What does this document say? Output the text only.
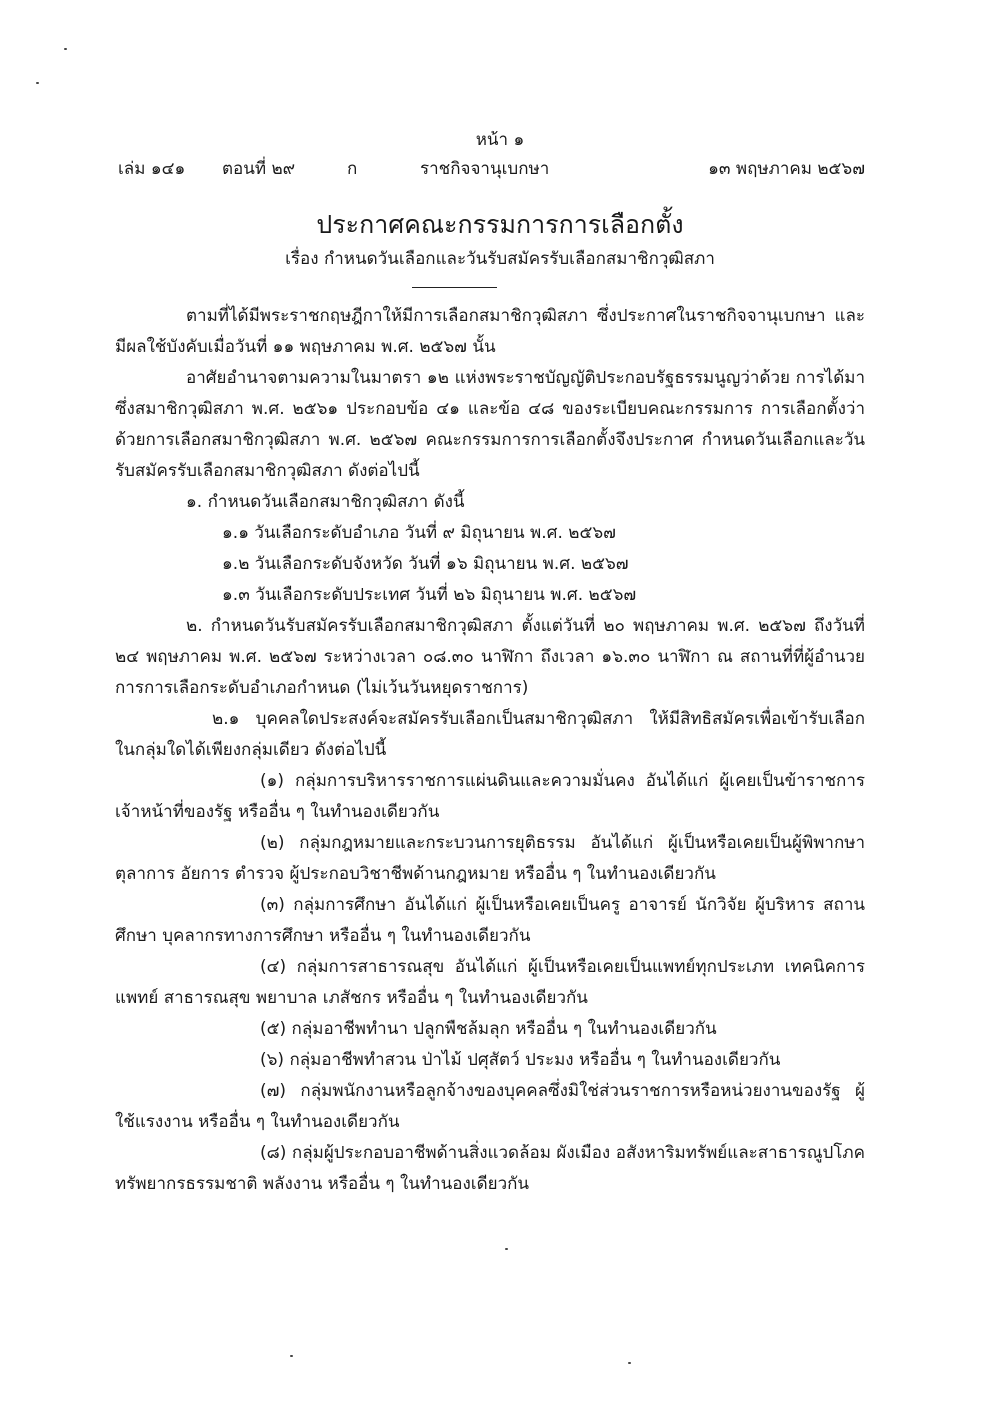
หน้า ๑
เล่ม ๑๔๑ ตอนที่ ๒๙	ก	ราชกิจจานุเบกษา	๑๓ พฤษภาคม ๒๕๖๗
ประกาศคณะกรรมการการเลือกตั้ง
เรื่อง กำหนดวันเลือกและวันรับสมัครรับเลือกสมาชิกวุฒิสภา

ตามที่ได้มีพระราชกฤษฎีกาให้มีการเลือกสมาชิกวุฒิสภา ซึ่งประกาศในราชกิจจานุเบกษา และมีผลใช้บังคับเมื่อวันที่ ๑๑ พฤษภาคม พ.ศ. ๒๕๖๗ นั้น

อาศัยอำนาจตามความในมาตรา ๑๒ แห่งพระราชบัญญัติประกอบรัฐธรรมนูญว่าด้วย การได้มาซึ่งสมาชิกวุฒิสภา พ.ศ. ๒๕๖๑ ประกอบข้อ ๔๑ และข้อ ๔๘ ของระเบียบคณะกรรมการ การเลือกตั้งว่าด้วยการเลือกสมาชิกวุฒิสภา พ.ศ. ๒๕๖๗ คณะกรรมการการเลือกตั้งจึงประกาศ กำหนดวันเลือกและวันรับสมัครรับเลือกสมาชิกวุฒิสภา ดังต่อไปนี้

๑. กำหนดวันเลือกสมาชิกวุฒิสภา ดังนี้

๑.๑ วันเลือกระดับอำเภอ วันที่ ๙ มิถุนายน พ.ศ. ๒๕๖๗

๑.๒ วันเลือกระดับจังหวัด วันที่ ๑๖ มิถุนายน พ.ศ. ๒๕๖๗

๑.๓ วันเลือกระดับประเทศ วันที่ ๒๖ มิถุนายน พ.ศ. ๒๕๖๗

๒. กำหนดวันรับสมัครรับเลือกสมาชิกวุฒิสภา ตั้งแต่วันที่ ๒๐ พฤษภาคม พ.ศ. ๒๕๖๗ ถึงวันที่ ๒๔ พฤษภาคม พ.ศ. ๒๕๖๗ ระหว่างเวลา ๐๘.๓๐ นาฬิกา ถึงเวลา ๑๖.๓๐ นาฬิกา ณ สถานที่ที่ผู้อำนวยการการเลือกระดับอำเภอกำหนด (ไม่เว้นวันหยุดราชการ)

๒.๑ บุคคลใดประสงค์จะสมัครรับเลือกเป็นสมาชิกวุฒิสภา ให้มีสิทธิสมัครเพื่อเข้ารับเลือก ในกลุ่มใดได้เพียงกลุ่มเดียว ดังต่อไปนี้

(๑) กลุ่มการบริหารราชการแผ่นดินและความมั่นคง อันได้แก่ ผู้เคยเป็นข้าราชการ เจ้าหน้าที่ของรัฐ หรืออื่น ๆ ในทำนองเดียวกัน

(๒) กลุ่มกฎหมายและกระบวนการยุติธรรม อันได้แก่ ผู้เป็นหรือเคยเป็นผู้พิพากษา ตุลาการ อัยการ ตำรวจ ผู้ประกอบวิชาชีพด้านกฎหมาย หรืออื่น ๆ ในทำนองเดียวกัน

(๓) กลุ่มการศึกษา อันได้แก่ ผู้เป็นหรือเคยเป็นครู อาจารย์ นักวิจัย ผู้บริหาร สถานศึกษา บุคลากรทางการศึกษา หรืออื่น ๆ ในทำนองเดียวกัน

(๔) กลุ่มการสาธารณสุข อันได้แก่ ผู้เป็นหรือเคยเป็นแพทย์ทุกประเภท เทคนิคการแพทย์ สาธารณสุข พยาบาล เภสัชกร หรืออื่น ๆ ในทำนองเดียวกัน

(๕) กลุ่มอาชีพทำนา ปลูกพืชล้มลุก หรืออื่น ๆ ในทำนองเดียวกัน

(๖) กลุ่มอาชีพทำสวน ป่าไม้ ปศุสัตว์ ประมง หรืออื่น ๆ ในทำนองเดียวกัน

(๗) กลุ่มพนักงานหรือลูกจ้างของบุคคลซึ่งมิใช่ส่วนราชการหรือหน่วยงานของรัฐ ผู้ใช้แรงงาน หรืออื่น ๆ ในทำนองเดียวกัน

(๘) กลุ่มผู้ประกอบอาชีพด้านสิ่งแวดล้อม ผังเมือง อสังหาริมทรัพย์และสาธารณูปโภค ทรัพยากรธรรมชาติ พลังงาน หรืออื่น ๆ ในทำนองเดียวกัน
